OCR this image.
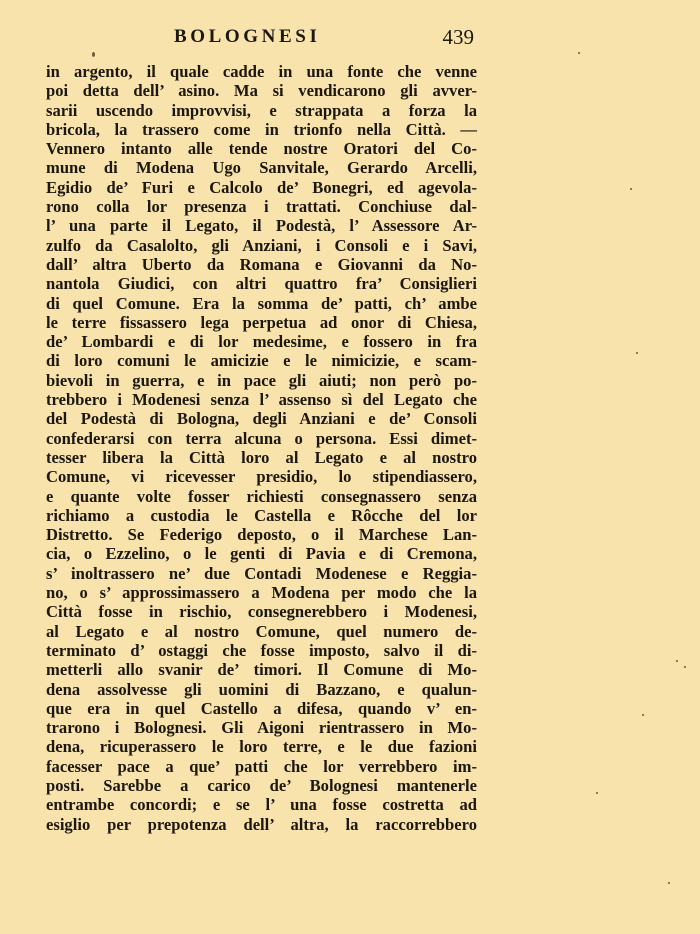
BOLOGNESI	439
in argento, il quale cadde in una fonte che venne
poi detta dell’ asino. Ma si vendicarono gli avver-
sarii uscendo improvvisi, e strappata a forza la
bricola, la trassero come in trionfo nella Città. —
Vennero intanto alle tende nostre Oratori del Co-
mune di Modena Ugo Sanvitale, Gerardo Arcelli,
Egidio de’ Furi e Calcolo de’ Bonegri, ed agevola-
rono colla lor presenza i trattati. Conchiuse dal-
l’ una parte il Legato, il Podestà, l’ Assessore Ar-
zulfo da Casalolto, gli Anziani, i Consoli e i Savi,
dall’ altra Uberto da Romana e Giovanni da No-
nantola Giudici, con altri quattro fra’ Consiglieri
di quel Comune. Era la somma de’ patti, ch’ ambe
le terre fissassero lega perpetua ad onor di Chiesa,
de’ Lombardi e di lor medesime, e fossero in fra
di loro comuni le amicizie e le nimicizie, e scam-
bievoli in guerra, e in pace gli aiuti; non però po-
trebbero i Modenesi senza l’ assenso sì del Legato che
del Podestà di Bologna, degli Anziani e de’ Consoli
confederarsi con terra alcuna o persona. Essi dimet-
tesser libera la Città loro al Legato e al nostro
Comune, vi ricevesser presidio, lo stipendiassero,
e quante volte fosser richiesti consegnassero senza
richiamo a custodia le Castella e Rôcche del lor
Distretto. Se Federigo deposto, o il Marchese Lan-
cia, o Ezzelino, o le genti di Pavia e di Cremona,
s’ inoltrassero ne’ due Contadi Modenese e Reggia-
no, o s’ approssimassero a Modena per modo che la
Città fosse in rischio, consegnerebbero i Modenesi,
al Legato e al nostro Comune, quel numero de-
terminato d’ ostaggi che fosse imposto, salvo il di-
metterli allo svanir de’ timori. Il Comune di Mo-
dena assolvesse gli uomini di Bazzano, e qualun-
que era in quel Castello a difesa, quando v’ en-
trarono i Bolognesi. Gli Aigoni rientrassero in Mo-
dena, ricuperassero le loro terre, e le due fazioni
facesser pace a que’ patti che lor verrebbero im-
posti. Sarebbe a carico de’ Bolognesi mantenerle
entrambe concordi; e se l’ una fosse costretta ad
esiglio per prepotenza dell’ altra, la raccorrebbero
